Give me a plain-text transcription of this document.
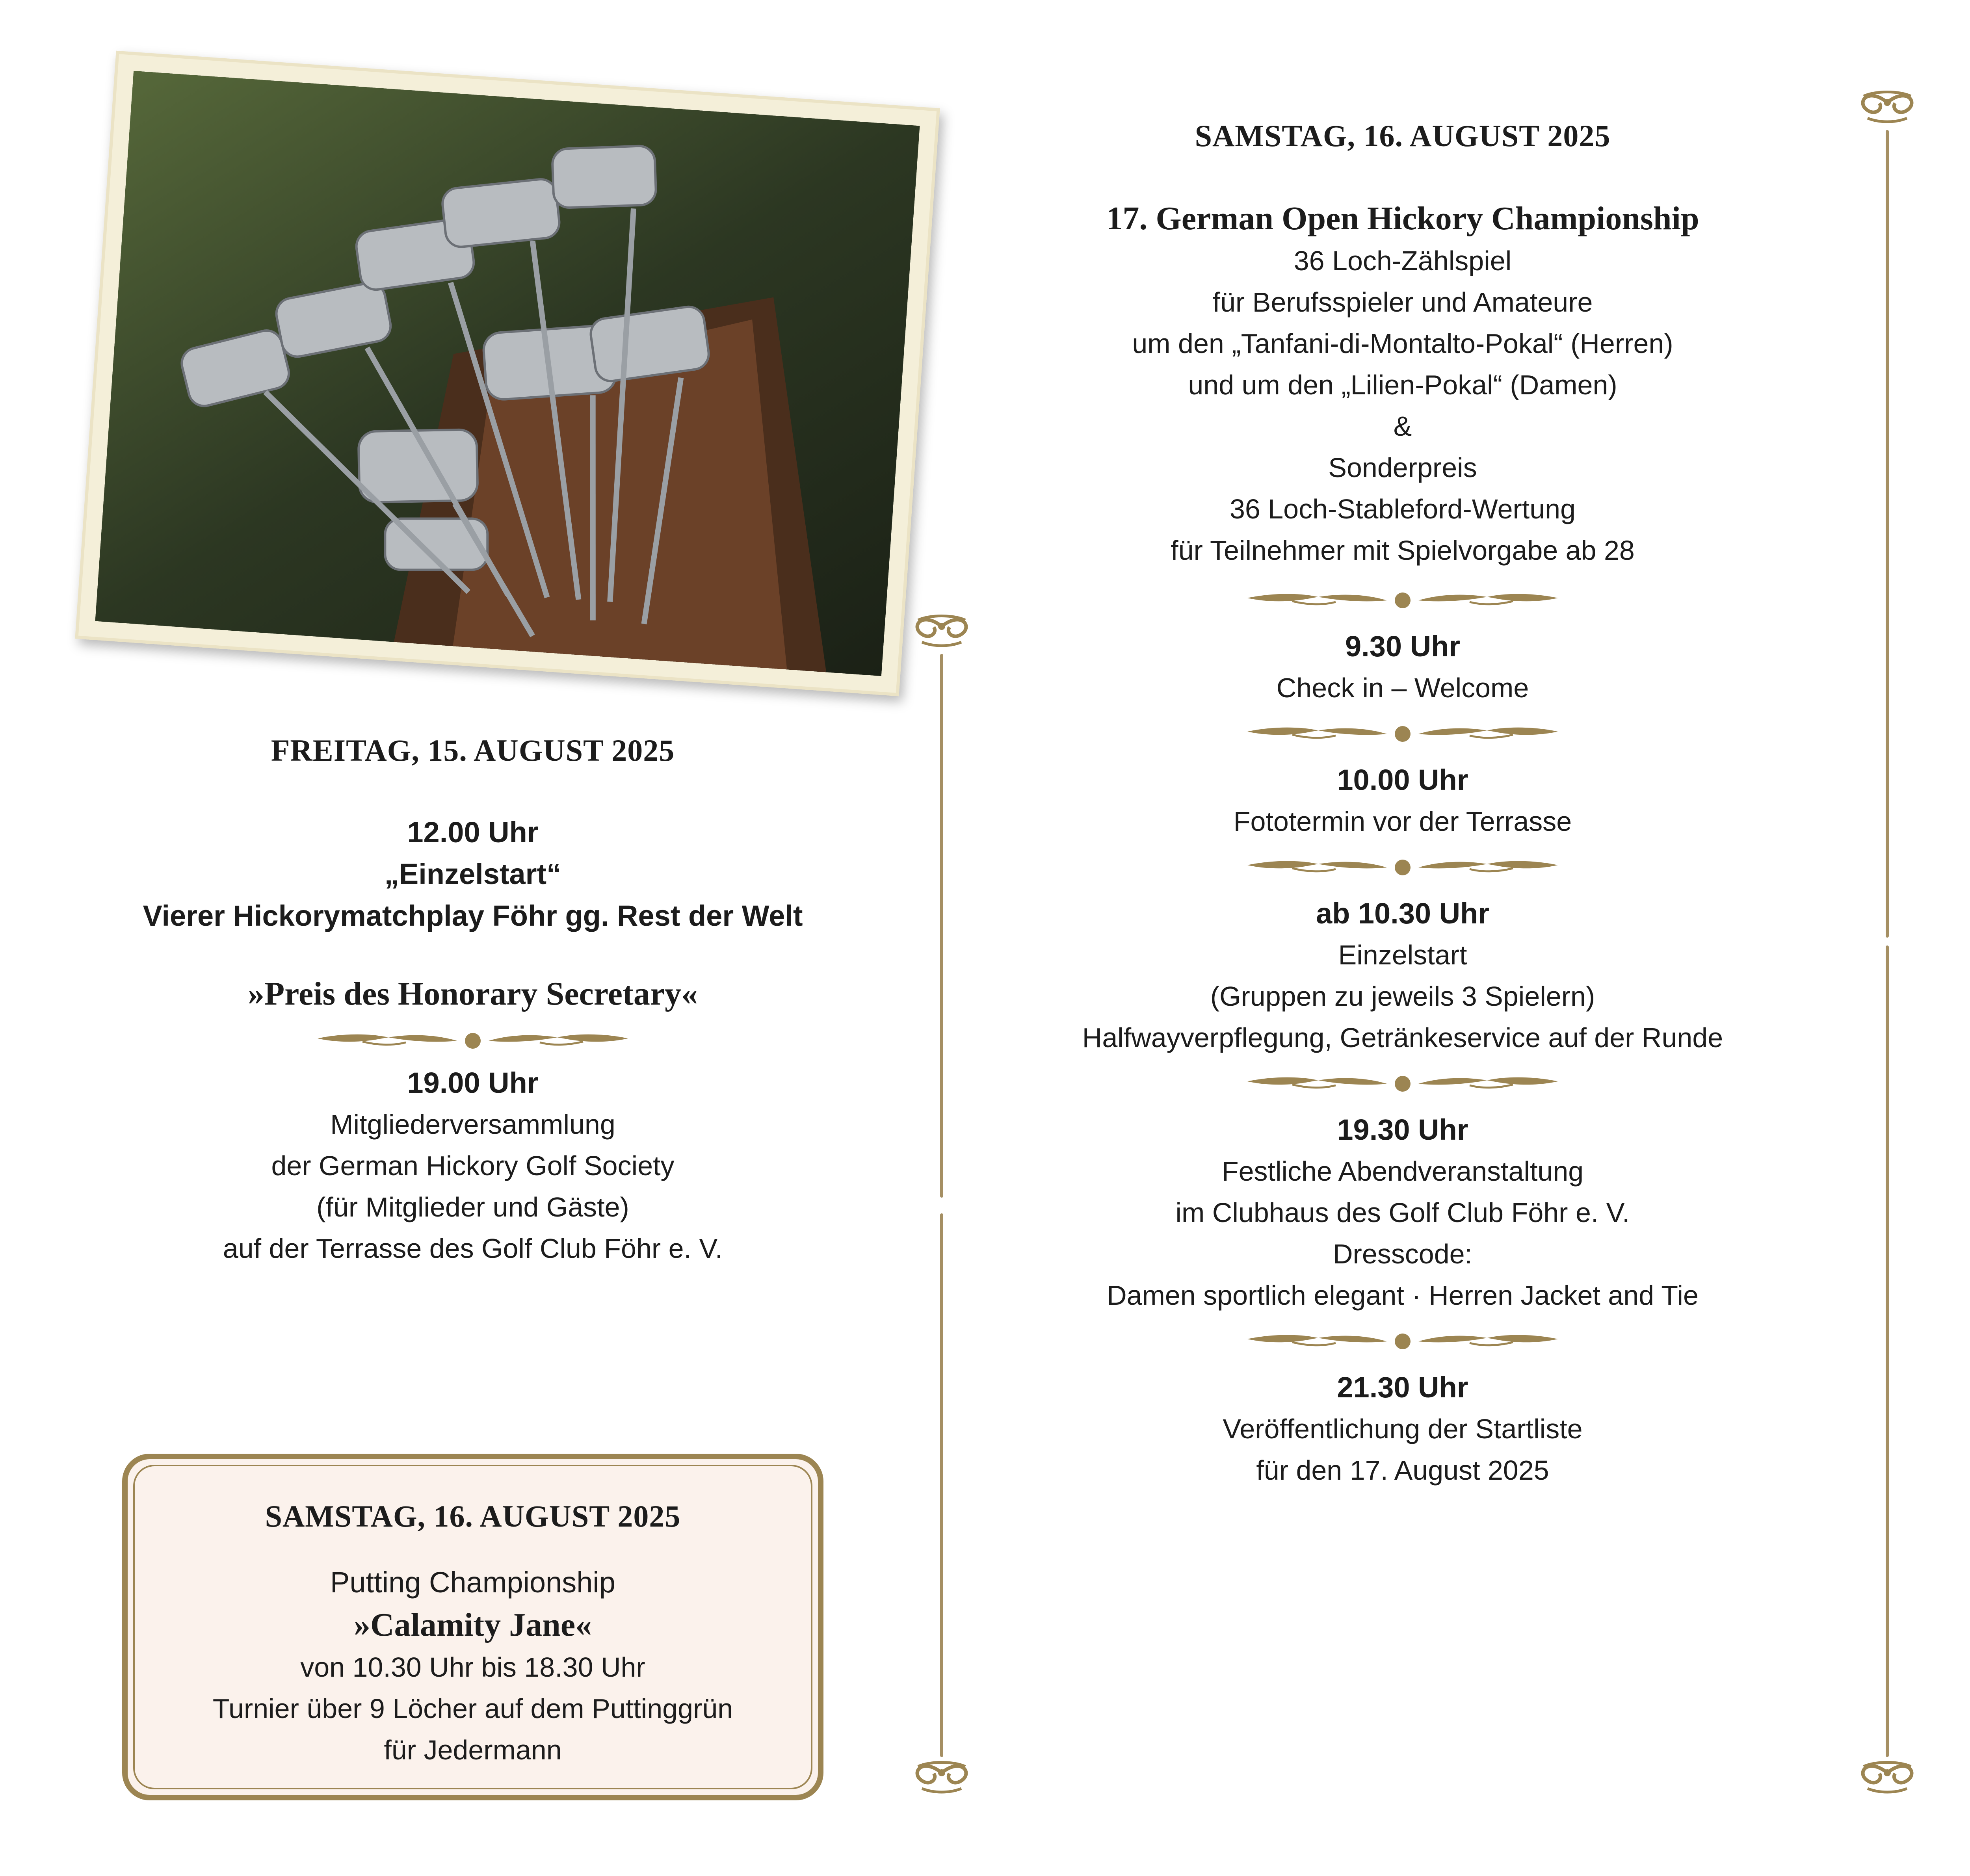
FREITAG, 15. AUGUST 2025
12.00 Uhr
„Einzelstart“
Vierer Hickorymatchplay Föhr gg. Rest der Welt
»Preis des Honorary Secretary«
19.00 Uhr
Mitgliederversammlung
der German Hickory Golf Society
(für Mitglieder und Gäste)
auf der Terrasse des Golf Club Föhr e. V.
SAMSTAG, 16. AUGUST 2025
Putting Championship
»Calamity Jane«
von 10.30 Uhr bis 18.30 Uhr
Turnier über 9 Löcher auf dem Puttinggrün
für Jedermann
SAMSTAG, 16. AUGUST 2025
17. German Open Hickory Championship
36 Loch-Zählspiel
für Berufsspieler und Amateure
um den „Tanfani-di-Montalto-Pokal“ (Herren)
und um den „Lilien-Pokal“ (Damen)
&
Sonderpreis
36 Loch-Stableford-Wertung
für Teilnehmer mit Spielvorgabe ab 28
9.30 Uhr
Check in – Welcome
10.00 Uhr
Fototermin vor der Terrasse
ab 10.30 Uhr
Einzelstart
(Gruppen zu jeweils 3 Spielern)
Halfwayverpflegung, Getränkeservice auf der Runde
19.30 Uhr
Festliche Abendveranstaltung
im Clubhaus des Golf Club Föhr e. V.
Dresscode:
Damen sportlich elegant · Herren Jacket and Tie
21.30 Uhr
Veröffentlichung der Startliste
für den 17. August 2025
